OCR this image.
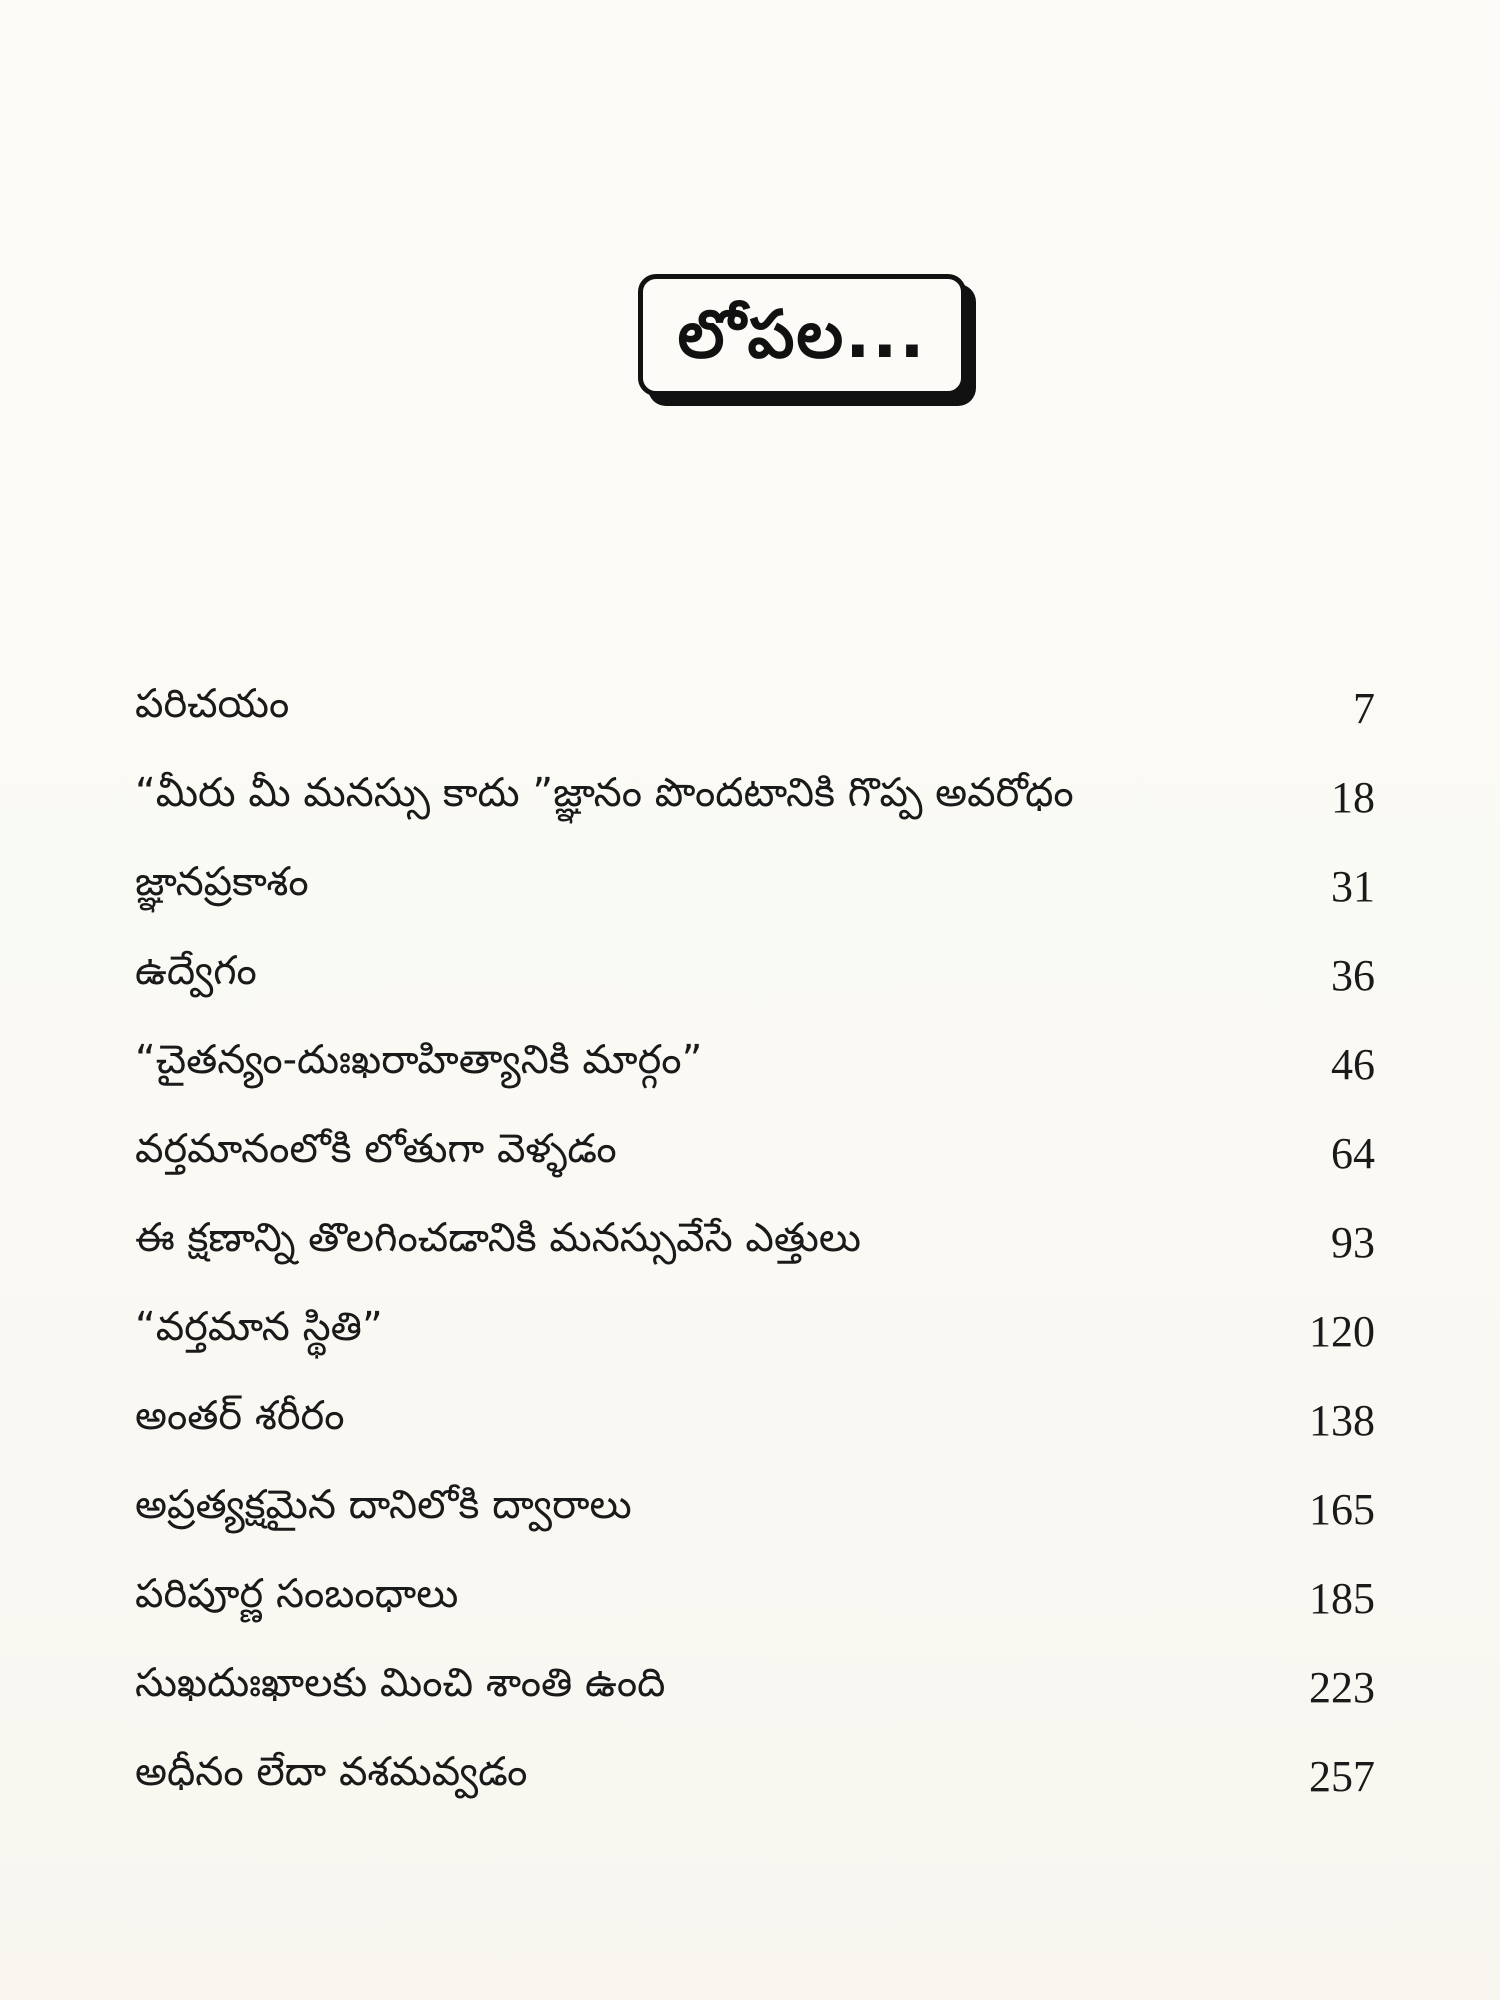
లోపల...
పరిచయం	7
“మీరు మీ మనస్సు కాదు ”జ్ఞానం పొందటానికి గొప్ప అవరోధం	18
జ్ఞానప్రకాశం	31
ఉద్వేగం	36
“చైతన్యం-దుఃఖరాహిత్యానికి మార్గం”	46
వర్తమానంలోకి లోతుగా వెళ్ళడం	64
ఈ క్షణాన్ని తొలగించడానికి మనస్సువేసే ఎత్తులు	93
“వర్తమాన స్థితి”	120
అంతర్ శరీరం	138
అప్రత్యక్షమైన దానిలోకి ద్వారాలు	165
పరిపూర్ణ సంబంధాలు	185
సుఖదుఃఖాలకు మించి శాంతి ఉంది	223
అధీనం లేదా వశమవ్వడం	257
